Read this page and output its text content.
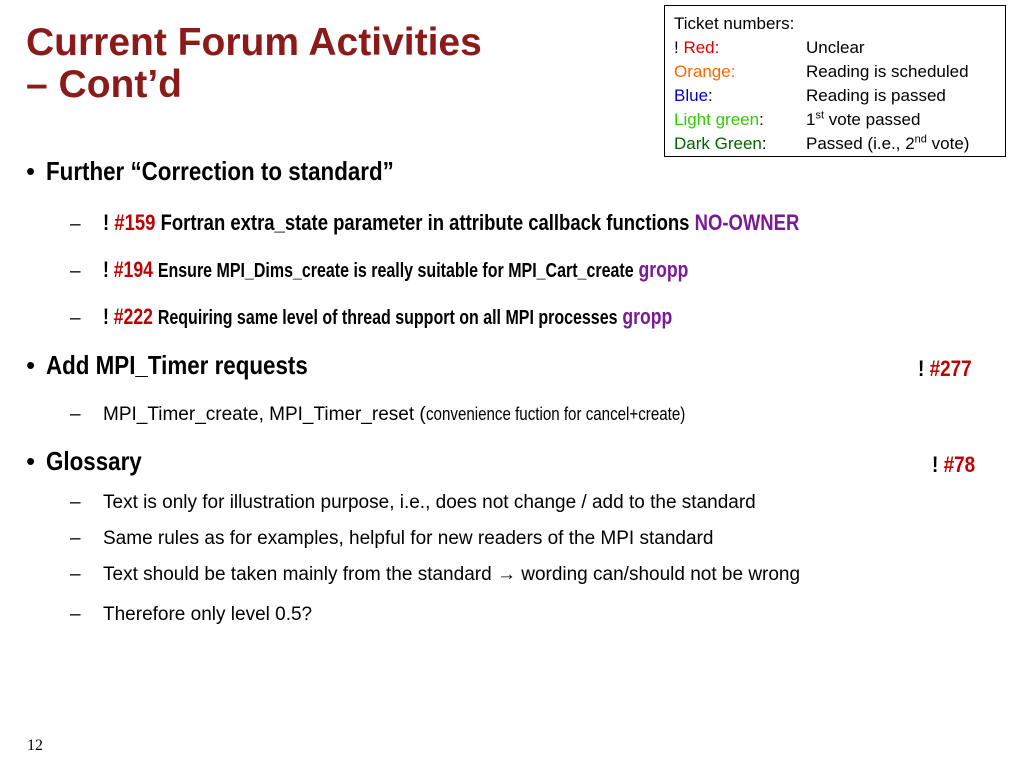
Current Forum Activities
– Cont’d
Ticket numbers:
! Red:	Unclear
Orange:	Reading is scheduled
Blue:	Reading is passed
Light green:	1st vote passed
Dark Green:	Passed (i.e., 2nd vote)
• Further “Correction to standard”
– ! #159 Fortran extra_state parameter in attribute callback functions NO-OWNER
– ! #194 Ensure MPI_Dims_create is really suitable for MPI_Cart_create gropp
– ! #222 Requiring same level of thread support on all MPI processes gropp
• Add MPI_Timer requests	! #277
– MPI_Timer_create, MPI_Timer_reset (convenience fuction for cancel+create)
• Glossary	! #78
– Text is only for illustration purpose, i.e., does not change / add to the standard
– Same rules as for examples, helpful for new readers of the MPI standard
– Text should be taken mainly from the standard → wording can/should not be wrong
– Therefore only level 0.5?
12
